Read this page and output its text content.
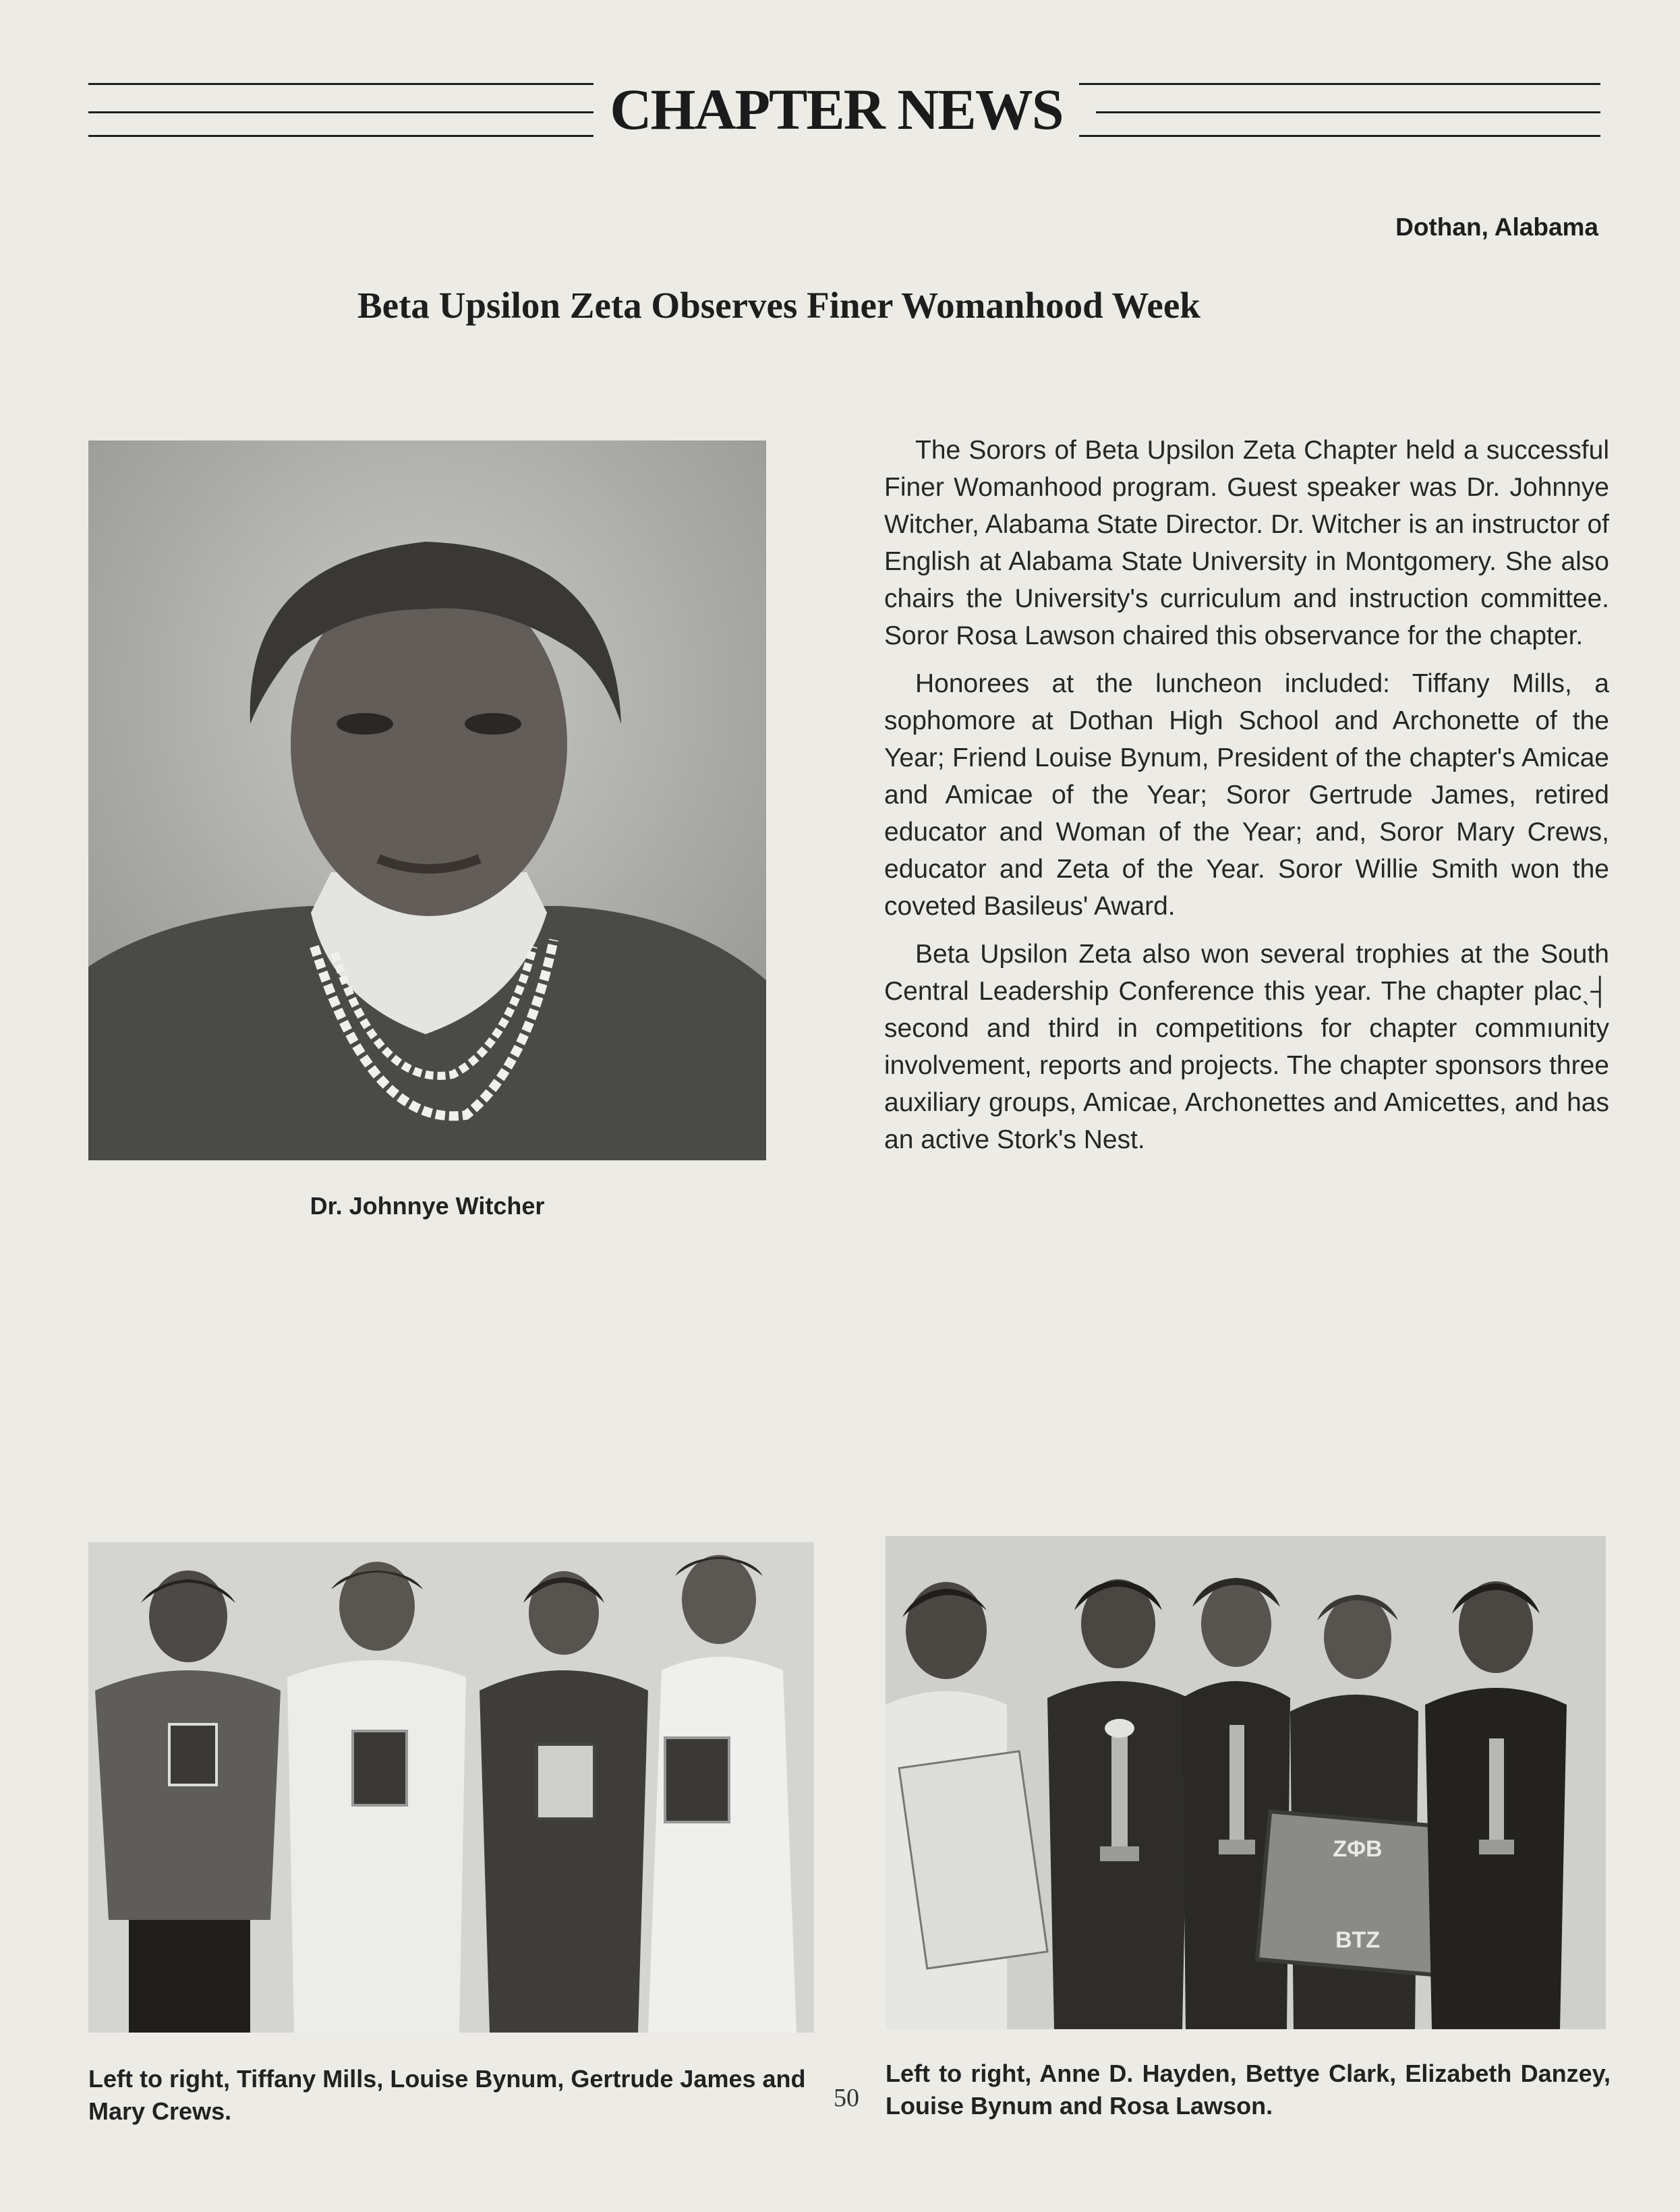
CHAPTER NEWS
Dothan, Alabama
Beta Upsilon Zeta Observes Finer Womanhood Week
Dr. Johnnye Witcher

The Sorors of Beta Upsilon Zeta Chapter held a successful Finer Womanhood program. Guest speaker was Dr. Johnnye Witcher, Alabama State Director. Dr. Witcher is an instructor of English at Alabama State University in Montgomery. She also chairs the University's curriculum and instruction committee. Soror Rosa Lawson chaired this observance for the chapter.

Honorees at the luncheon included: Tiffany Mills, a sophomore at Dothan High School and Archonette of the Year; Friend Louise Bynum, President of the chapter's Amicae and Amicae of the Year; Soror Gertrude James, retired educator and Woman of the Year; and, Soror Mary Crews, educator and Zeta of the Year. Soror Willie Smith won the coveted Basileus' Award.

Beta Upsilon Zeta also won several trophies at the South Central Leadership Conference this year. The chapter placˎ┤ second and third in competitions for chapter commıunity involvement, reports and projects. The chapter sponsors three auxiliary groups, Amicae, Archonettes and Amicettes, and has an active Stork's Nest.

Left to right, Tiffany Mills, Louise Bynum, Gertrude James and Mary Crews.
ZΦB
BTZ
Left to right, Anne D. Hayden, Bettye Clark, Elizabeth Danzey, Louise Bynum and Rosa Lawson.
50
